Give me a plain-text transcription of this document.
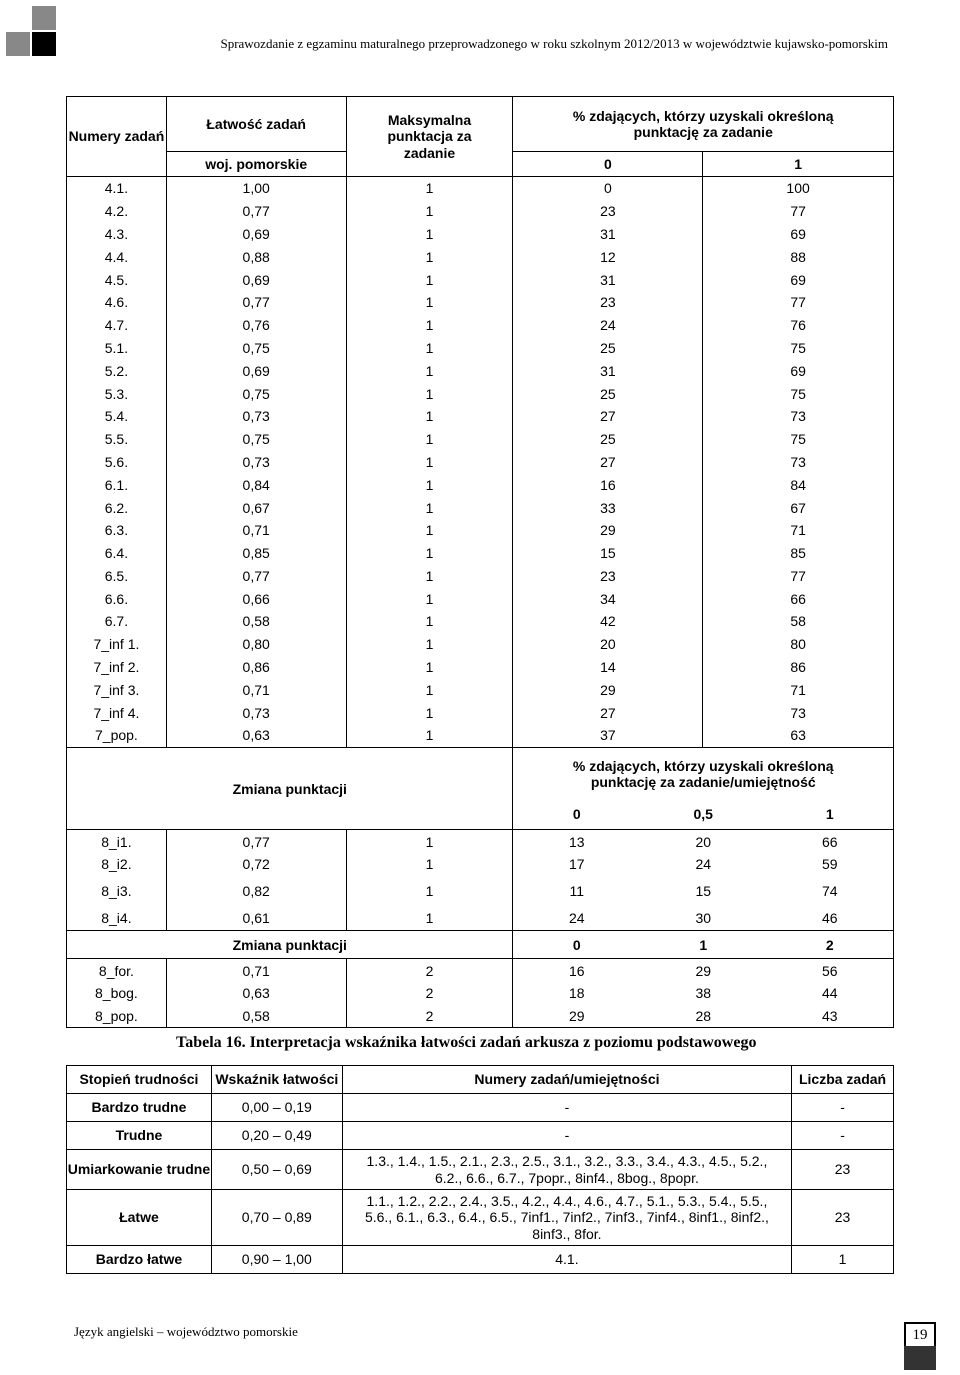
Sprawozdanie z egzaminu maturalnego przeprowadzonego w roku szkolnym 2012/2013 w województwie kujawsko-pomorskim
Numery zadań	Łatwość zadań	Maksymalna punktacja za zadanie	% zdających, którzy uzyskali określoną punktację za zadanie	
	woj. pomorskie		0	1
4.1.	1,00	1	0	100
4.2.	0,77	1	23	77
4.3.	0,69	1	31	69
4.4.	0,88	1	12	88
4.5.	0,69	1	31	69
4.6.	0,77	1	23	77
4.7.	0,76	1	24	76
5.1.	0,75	1	25	75
5.2.	0,69	1	31	69
5.3.	0,75	1	25	75
5.4.	0,73	1	27	73
5.5.	0,75	1	25	75
5.6.	0,73	1	27	73
6.1.	0,84	1	16	84
6.2.	0,67	1	33	67
6.3.	0,71	1	29	71
6.4.	0,85	1	15	85
6.5.	0,77	1	23	77
6.6.	0,66	1	34	66
6.7.	0,58	1	42	58
7_inf 1.	0,80	1	20	80
7_inf 2.	0,86	1	14	86
7_inf 3.	0,71	1	29	71
7_inf 4.	0,73	1	27	73
7_pop.	0,63	1	37	63
Zmiana punktacji			% zdających, którzy uzyskali określoną punktację za zadanie/umiejętność	

			0 0,5 1	

8_i1.	0,77	1	13 20 66	

8_i2.	0,72	1	17 24 59	

8_i3.	0,82	1	11 15 74	

8_i4.	0,61	1	24 30 46	

Zmiana punktacji			0 1 2	

8_for.	0,71	2	16 29 56	

8_bog.	0,63	2	18 38 44	

8_pop.	0,58	2	29 28 43	
Tabela 16. Interpretacja wskaźnika łatwości zadań arkusza z poziomu podstawowego
Stopień trudności	Wskaźnik łatwości	Numery zadań/umiejętności	Liczba zadań
Bardzo trudne	0,00 – 0,19	-	-
Trudne	0,20 – 0,49	-	-
Umiarkowanie trudne	0,50 – 0,69	1.3., 1.4., 1.5., 2.1., 2.3., 2.5., 3.1., 3.2., 3.3., 3.4., 4.3., 4.5., 5.2., 6.2., 6.6., 6.7., 7popr., 8inf4., 8bog., 8popr.	23
Łatwe	0,70 – 0,89	1.1., 1.2., 2.2., 2.4., 3.5., 4.2., 4.4., 4.6., 4.7., 5.1., 5.3., 5.4., 5.5., 5.6., 6.1., 6.3., 6.4., 6.5., 7inf1., 7inf2., 7inf3., 7inf4., 8inf1., 8inf2., 8inf3., 8for.	23
Bardzo łatwe	0,90 – 1,00	4.1.	1
Język angielski – województwo pomorskie	19
